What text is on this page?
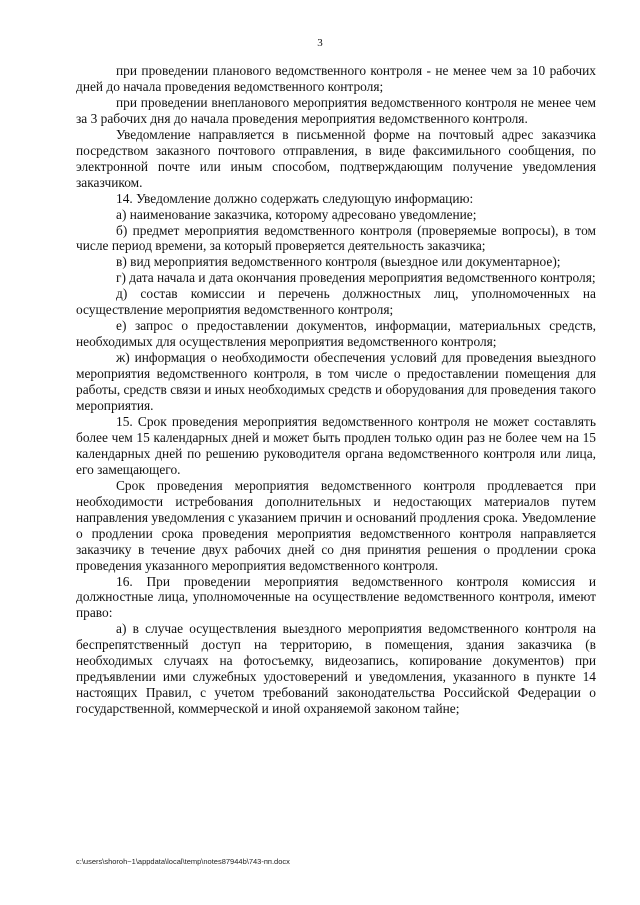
3

при проведении планового ведомственного контроля - не менее чем за 10 рабочих дней до начала проведения ведомственного контроля;

при проведении внепланового мероприятия ведомственного контроля не менее чем за 3 рабочих дня до начала проведения мероприятия ведомственного контроля.

Уведомление направляется в письменной форме на почтовый адрес заказчика посредством заказного почтового отправления, в виде факсимильного сообщения, по электронной почте или иным способом, подтверждающим получение уведомления заказчиком.

14. Уведомление должно содержать следующую информацию:

а) наименование заказчика, которому адресовано уведомление;

б) предмет мероприятия ведомственного контроля (проверяемые вопросы), в том числе период времени, за который проверяется деятельность заказчика;

в) вид мероприятия ведомственного контроля (выездное или документарное);

г) дата начала и дата окончания проведения мероприятия ведомственного контроля;

д) состав комиссии и перечень должностных лиц, уполномоченных на осуществление мероприятия ведомственного контроля;

е) запрос о предоставлении документов, информации, материальных средств, необходимых для осуществления мероприятия ведомственного контроля;

ж) информация о необходимости обеспечения условий для проведения выездного мероприятия ведомственного контроля, в том числе о предоставлении помещения для работы, средств связи и иных необходимых средств и оборудования для проведения такого мероприятия.

15. Срок проведения мероприятия ведомственного контроля не может составлять более чем 15 календарных дней и может быть продлен только один раз не более чем на 15 календарных дней по решению руководителя органа ведомственного контроля или лица, его замещающего.

Срок проведения мероприятия ведомственного контроля продлевается при необходимости истребования дополнительных и недостающих материалов путем направления уведомления с указанием причин и оснований продления срока. Уведомление о продлении срока проведения мероприятия ведомственного контроля направляется заказчику в течение двух рабочих дней со дня принятия решения о продлении срока проведения указанного мероприятия ведомственного контроля.

16. При проведении мероприятия ведомственного контроля комиссия и должностные лица, уполномоченные на осуществление ведомственного контроля, имеют право:

а) в случае осуществления выездного мероприятия ведомственного контроля на беспрепятственный доступ на территорию, в помещения, здания заказчика (в необходимых случаях на фотосъемку, видеозапись, копирование документов) при предъявлении ими служебных удостоверений и уведомления, указанного в пункте 14 настоящих Правил, с учетом требований законодательства Российской Федерации о государственной, коммерческой и иной охраняемой законом тайне;

c:\users\shoroh~1\appdata\local\temp\notes87944b\743-пп.docx
